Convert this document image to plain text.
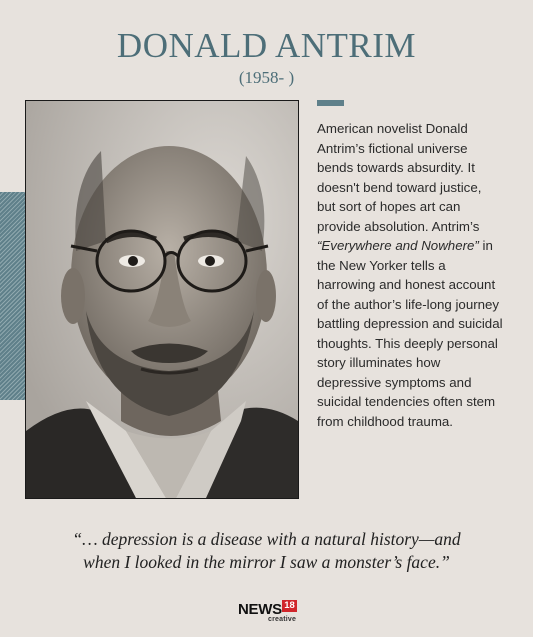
DONALD ANTRIM
(1958- )
American novelist Donald Antrim’s fictional universe bends towards absurdity. It doesn't bend toward justice, but sort of hopes art can provide absolution. Antrim’s “Everywhere and Nowhere” in the New Yorker tells a harrowing and honest account of the author’s life-long journey battling depression and suicidal thoughts. This deeply personal story illuminates how depressive symptoms and suicidal tendencies often stem from childhood trauma.
“… depression is a disease with a natural history—and
when I looked in the mirror I saw a monster’s face.”
NEWS 18
creative
